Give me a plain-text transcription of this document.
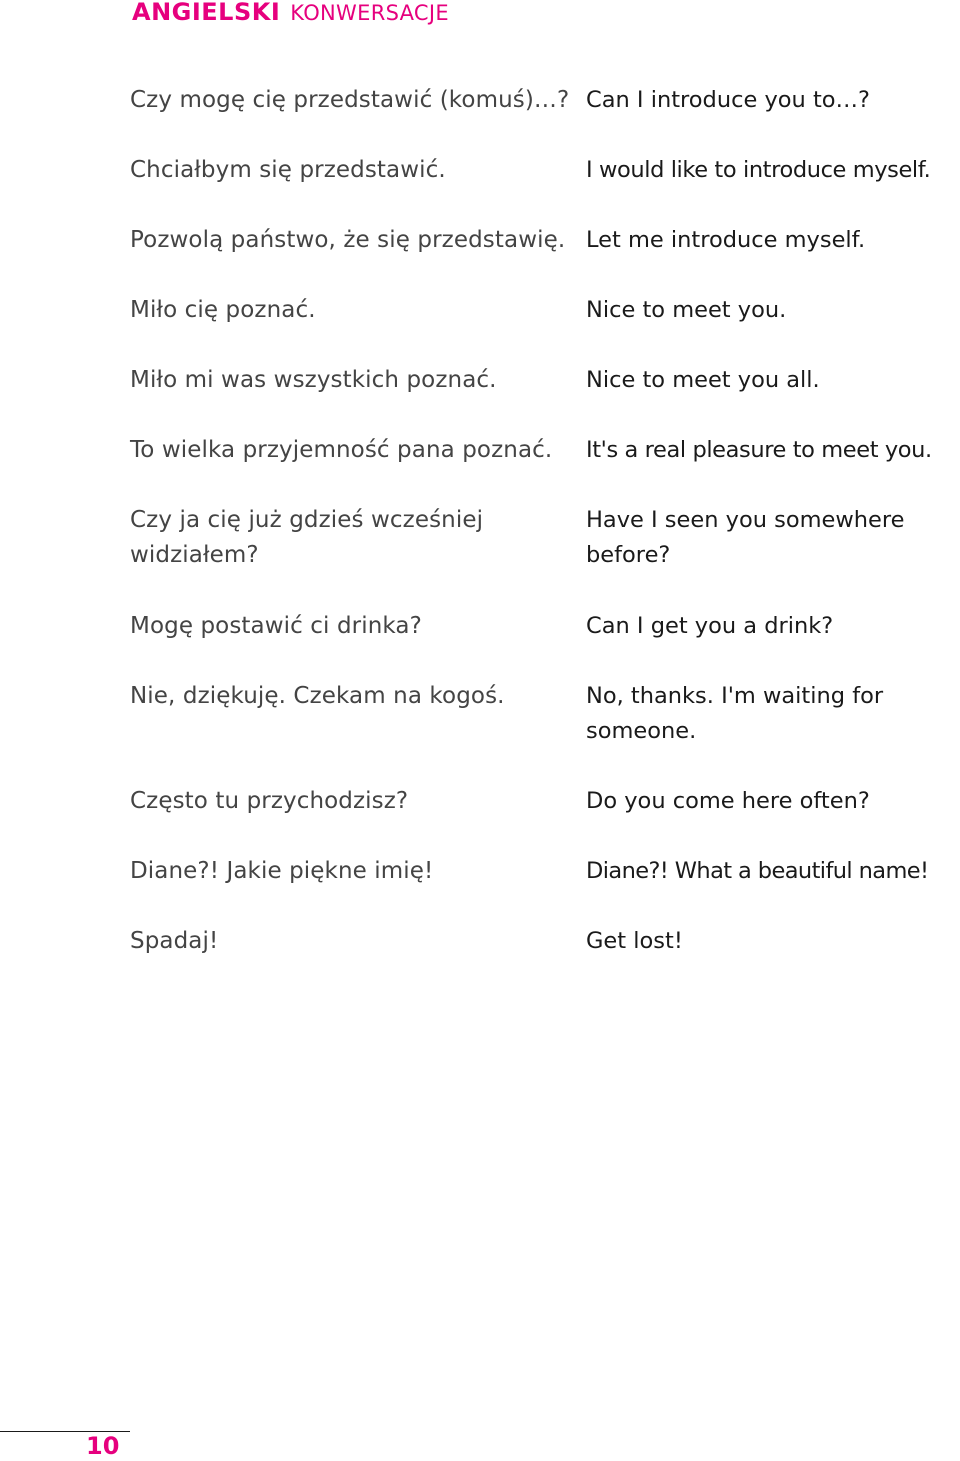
ANGIELSKI KONWERSACJE
Czy mogę cię przedstawić (komuś)…?
Chciałbym się przedstawić.
Pozwolą państwo, że się przedstawię.
Miło cię poznać.
Miło mi was wszystkich poznać.
To wielka przyjemność pana poznać.
Czy ja cię już gdzieś wcześniej widziałem?
Mogę postawić ci drinka?
Nie, dziękuję. Czekam na kogoś.
Często tu przychodzisz?
Diane?! Jakie piękne imię!
Spadaj!
Can I introduce you to…?
I would like to introduce myself.
Let me introduce myself.
Nice to meet you.
Nice to meet you all.
It's a real pleasure to meet you.
Have I seen you somewhere before?
Can I get you a drink?
No, thanks. I'm waiting for someone.
Do you come here often?
Diane?! What a beautiful name!
Get lost!
10
